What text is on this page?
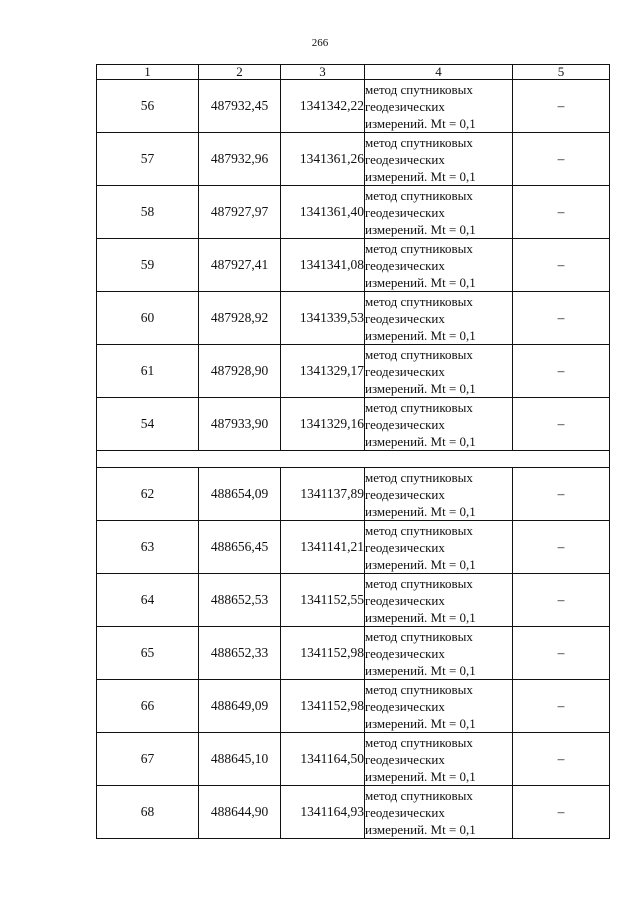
266
1	2	3	4	5
56	487932,45	1341342,22	метод спутниковых
геодезических
измерений. Mt = 0,1	–
57	487932,96	1341361,26	метод спутниковых
геодезических
измерений. Mt = 0,1	–
58	487927,97	1341361,40	метод спутниковых
геодезических
измерений. Mt = 0,1	–
59	487927,41	1341341,08	метод спутниковых
геодезических
измерений. Mt = 0,1	–
60	487928,92	1341339,53	метод спутниковых
геодезических
измерений. Mt = 0,1	–
61	487928,90	1341329,17	метод спутниковых
геодезических
измерений. Mt = 0,1	–
54	487933,90	1341329,16	метод спутниковых
геодезических
измерений. Mt = 0,1	–

62	488654,09	1341137,89	метод спутниковых
геодезических
измерений. Mt = 0,1	–
63	488656,45	1341141,21	метод спутниковых
геодезических
измерений. Mt = 0,1	–
64	488652,53	1341152,55	метод спутниковых
геодезических
измерений. Mt = 0,1	–
65	488652,33	1341152,98	метод спутниковых
геодезических
измерений. Mt = 0,1	–
66	488649,09	1341152,98	метод спутниковых
геодезических
измерений. Mt = 0,1	–
67	488645,10	1341164,50	метод спутниковых
геодезических
измерений. Mt = 0,1	–
68	488644,90	1341164,93	метод спутниковых
геодезических
измерений. Mt = 0,1	–
